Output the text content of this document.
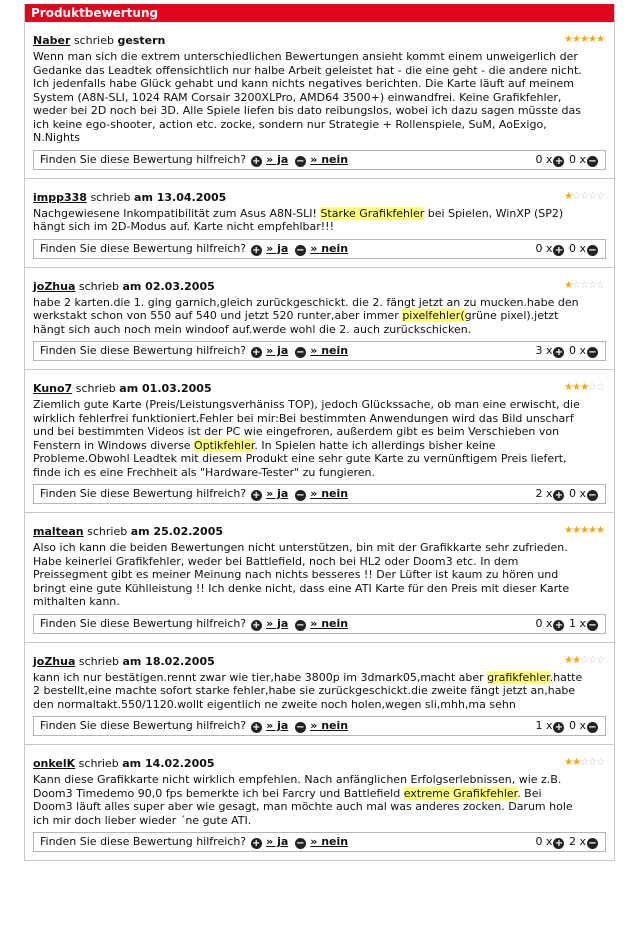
Produktbewertung
Naber schrieb gestern	★★★★★
Wenn man sich die extrem unterschiedlichen Bewertungen ansieht kommt einem unweigerlich der
Gedanke das Leadtek offensichtlich nur halbe Arbeit geleistet hat - die eine geht - die andere nicht.
Ich jedenfalls habe Glück gehabt und kann nichts negatives berichten. Die Karte läuft auf meinem
System (A8N-SLI, 1024 RAM Corsair 3200XLPro, AMD64 3500+) einwandfrei. Keine Grafikfehler,
weder bei 2D noch bei 3D. Alle Spiele liefen bis dato reibungslos, wobei ich dazu sagen müsste das
ich keine ego-shooter, action etc. zocke, sondern nur Strategie + Rollenspiele, SuM, AoExigo,
N.Nights
Finden Sie diese Bewertung hilfreich? + » ja − » nein	0 x + 0 x −
impp338 schrieb am 13.04.2005	★☆☆☆☆
Nachgewiesene Inkompatibilität zum Asus A8N-SLI! Starke Grafikfehler bei Spielen, WinXP (SP2)
hängt sich im 2D-Modus auf. Karte nicht empfehlbar!!!
Finden Sie diese Bewertung hilfreich? + » ja − » nein	0 x + 0 x −
joZhua schrieb am 02.03.2005	★☆☆☆☆
habe 2 karten.die 1. ging garnich,gleich zurückgeschickt. die 2. fängt jetzt an zu mucken.habe den
werkstakt schon von 550 auf 540 und jetzt 520 runter,aber immer pixelfehler(grüne pixel).jetzt
hängt sich auch noch mein windoof auf.werde wohl die 2. auch zurückschicken.
Finden Sie diese Bewertung hilfreich? + » ja − » nein	3 x + 0 x −
Kuno7 schrieb am 01.03.2005	★★★☆☆
Ziemlich gute Karte (Preis/Leistungsverhäniss TOP), jedoch Glückssache, ob man eine erwischt, die
wirklich fehlerfrei funktioniert.Fehler bei mir:Bei bestimmten Anwendungen wird das Bild unscharf
und bei bestimmten Videos ist der PC wie eingefroren, außerdem gibt es beim Verschieben von
Fenstern in Windows diverse Optikfehler. In Spielen hatte ich allerdings bisher keine
Probleme.Obwohl Leadtek mit diesem Produkt eine sehr gute Karte zu vernünftigem Preis liefert,
finde ich es eine Frechheit als "Hardware-Tester" zu fungieren.
Finden Sie diese Bewertung hilfreich? + » ja − » nein	2 x + 0 x −
maltean schrieb am 25.02.2005	★★★★★
Also ich kann die beiden Bewertungen nicht unterstützen, bin mit der Grafikkarte sehr zufrieden.
Habe keinerlei Grafikfehler, weder bei Battlefield, noch bei HL2 oder Doom3 etc. In dem
Preissegment gibt es meiner Meinung nach nichts besseres !! Der Lüfter ist kaum zu hören und
bringt eine gute Kühlleistung !! Ich denke nicht, dass eine ATI Karte für den Preis mit dieser Karte
mithalten kann.
Finden Sie diese Bewertung hilfreich? + » ja − » nein	0 x + 1 x −
joZhua schrieb am 18.02.2005	★★☆☆☆
kann ich nur bestätigen.rennt zwar wie tier,habe 3800p im 3dmark05,macht aber grafikfehler.hatte
2 bestellt,eine machte sofort starke fehler,habe sie zurückgeschickt.die zweite fängt jetzt an,habe
den normaltakt.550/1120.wollt eigentlich ne zweite noch holen,wegen sli,mhh,ma sehn
Finden Sie diese Bewertung hilfreich? + » ja − » nein	1 x + 0 x −
onkelK schrieb am 14.02.2005	★★☆☆☆
Kann diese Grafikkarte nicht wirklich empfehlen. Nach anfänglichen Erfolgserlebnissen, wie z.B.
Doom3 Timedemo 90,0 fps bemerkte ich bei Farcry und Battlefield extreme Grafikfehler. Bei
Doom3 läuft alles super aber wie gesagt, man möchte auch mal was anderes zocken. Darum hole
ich mir doch lieber wieder ´ne gute ATI.
Finden Sie diese Bewertung hilfreich? + » ja − » nein	0 x + 2 x −
